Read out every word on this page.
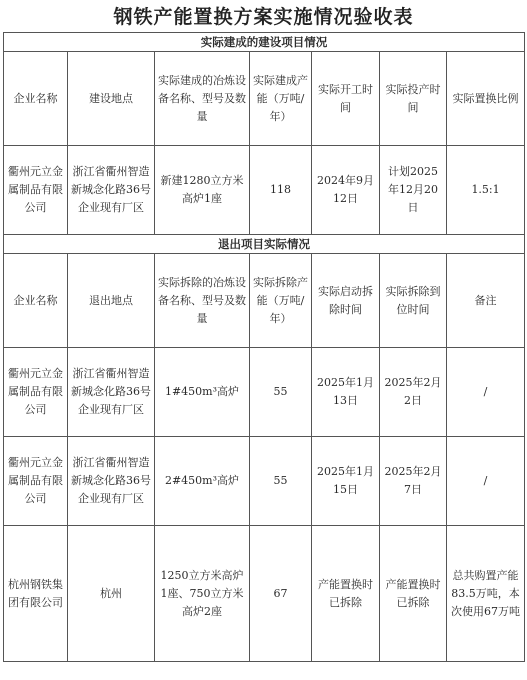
钢铁产能置换方案实施情况验收表
实际建成的建设项目情况						
企业名称	建设地点	实际建成的冶炼设备名称、型号及数量	实际建成产能（万吨/年）	实际开工时间	实际投产时间	实际置换比例
衢州元立金属制品有限公司	浙江省衢州智造新城念化路36号企业现有厂区	新建1280立方米高炉1座	118	2024年9月12日	计划2025年12月20日	1.5:1
退出项目实际情况						
企业名称	退出地点	实际拆除的冶炼设备名称、型号及数量	实际拆除产能（万吨/年）	实际启动拆除时间	实际拆除到位时间	备注
衢州元立金属制品有限公司	浙江省衢州智造新城念化路36号企业现有厂区	1#450m³高炉	55	2025年1月13日	2025年2月2日	/
衢州元立金属制品有限公司	浙江省衢州智造新城念化路36号企业现有厂区	2#450m³高炉	55	2025年1月15日	2025年2月7日	/
杭州钢铁集团有限公司	杭州	1250立方米高炉1座、750立方米高炉2座	67	产能置换时已拆除	产能置换时已拆除	总共购置产能83.5万吨，本次使用67万吨
